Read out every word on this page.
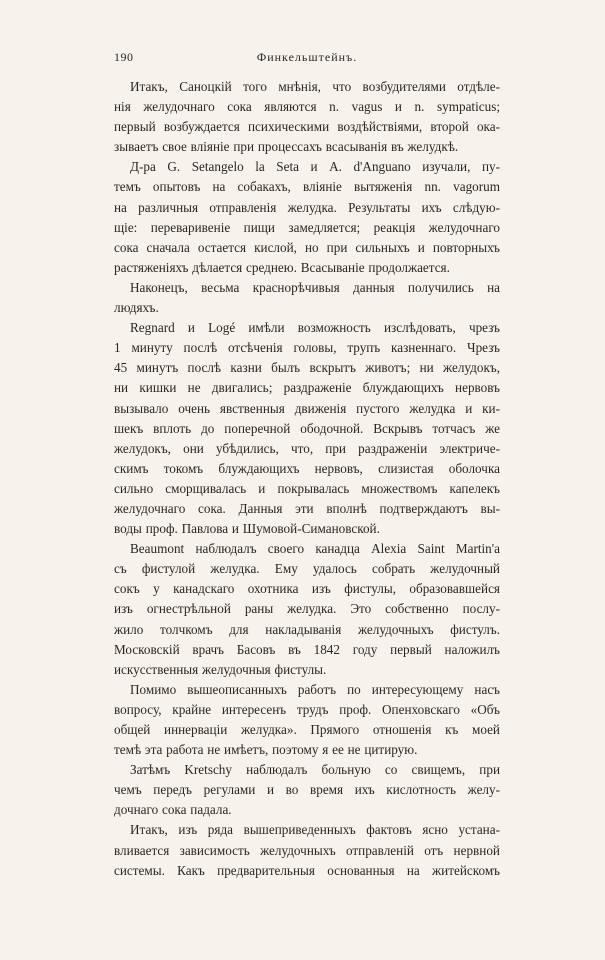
190	Финкельштейнъ.
Итакъ, Саноцкій того мнѣнія, что возбудителями отдѣле-
нія желудочнаго сока являются n. vagus и n. sympaticus;
первый возбуждается психическими воздѣйствіями, второй ока-
зываетъ свое вліяніе при процессахъ всасыванія въ желудкѣ.
Д-ра G. Setangelo la Seta и A. d'Anguano изучали, пу-
темъ опытовъ на собакахъ, вліяніе вытяженія nn. vagorum
на различныя отправленія желудка. Результаты ихъ слѣдую-
щіе: переваривеніе пищи замедляется; реакція желудочнаго
сока сначала остается кислой, но при сильныхъ и повторныхъ
растяженіяхъ дѣлается среднею. Всасываніе продолжается.
Наконецъ, весьма краснорѣчивыя данныя получились на
людяхъ.
Regnard и Logé имѣли возможность изслѣдовать, чрезъ
1 минуту послѣ отсѣченія головы, трупъ казненнаго. Чрезъ
45 минутъ послѣ казни былъ вскрытъ животъ; ни желудокъ,
ни кишки не двигались; раздраженіе блуждающихъ нервовъ
вызывало очень явственныя движенія пустого желудка и ки-
шекъ вплоть до поперечной ободочной. Вскрывъ тотчасъ же
желудокъ, они убѣдились, что, при раздраженіи электриче-
скимъ токомъ блуждающихъ нервовъ, слизистая оболочка
сильно сморщивалась и покрывалась множествомъ капелекъ
желудочнаго сока. Данныя эти вполнѣ подтверждаютъ вы-
воды проф. Павлова и Шумовой-Симановской.
Beaumont наблюдалъ своего канадца Alexia Saint Martin'a
съ фистулой желудка. Ему удалось собрать желудочный
сокъ у канадскаго охотника изъ фистулы, образовавшейся
изъ огнестрѣльной раны желудка. Это собственно послу-
жило толчкомъ для накладыванія желудочныхъ фистулъ.
Московскій врачъ Басовъ въ 1842 году первый наложилъ
искусственныя желудочныя фистулы.
Помимо вышеописанныхъ работъ по интересующему насъ
вопросу, крайне интересенъ трудъ проф. Опенховскаго «Объ
общей иннерваціи желудка». Прямого отношенія къ моей
темѣ эта работа не имѣетъ, поэтому я ее не цитирую.
Затѣмъ Kretschy наблюдалъ больную со свищемъ, при
чемъ передъ регулами и во время ихъ кислотность желу-
дочнаго сока падала.
Итакъ, изъ ряда вышеприведенныхъ фактовъ ясно устана-
вливается зависимость желудочныхъ отправленій отъ нервной
системы. Какъ предварительныя основанныя на житейскомъ
